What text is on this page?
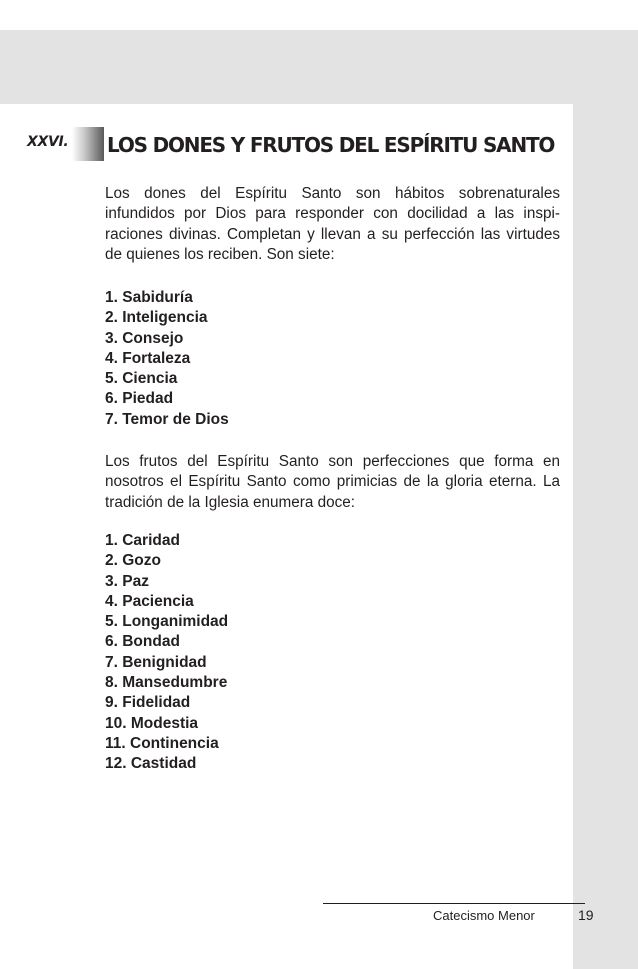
XXVI. LOS DONES Y FRUTOS DEL ESPÍRITU SANTO

Los dones del Espíritu Santo son hábitos sobrenaturales infundidos por Dios para responder con docilidad a las inspiraciones divinas. Completan y llevan a su perfección las virtudes de quienes los reciben. Son siete:

1. Sabiduría
2. Inteligencia
3. Consejo
4. Fortaleza
5. Ciencia
6. Piedad
7. Temor de Dios

Los frutos del Espíritu Santo son perfecciones que forma en nosotros el Espíritu Santo como primicias de la gloria eterna. La tradición de la Iglesia enumera doce:

1. Caridad
2. Gozo
3. Paz
4. Paciencia
5. Longanimidad
6. Bondad
7. Benignidad
8. Mansedumbre
9. Fidelidad
10. Modestia
11. Continencia
12. Castidad
Catecismo Menor	19
